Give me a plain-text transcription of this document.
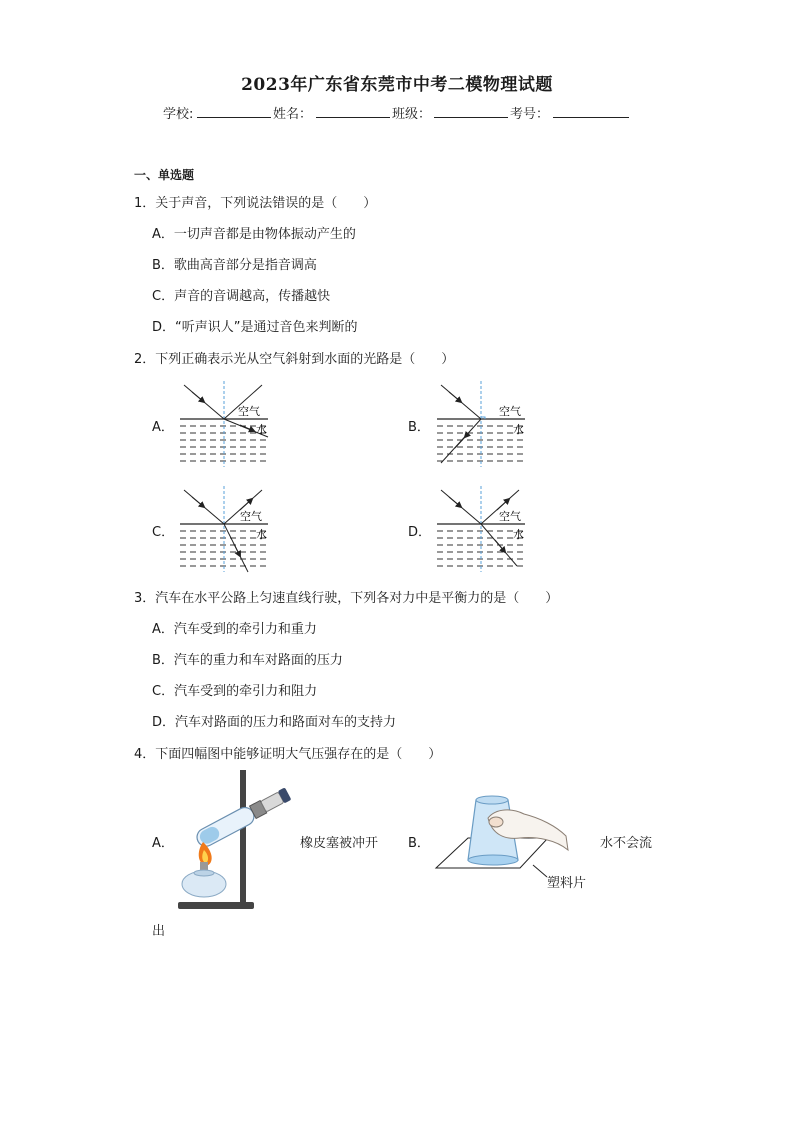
2023年广东省东莞市中考二模物理试题
学校:	姓名：	班级：	考号：
一、单选题
1．关于声音，下列说法错误的是（　　）
A．一切声音都是由物体振动产生的
B．歌曲高音部分是指音调高
C．声音的音调越高，传播越快
D．“听声识人”是通过音色来判断的
2．下列正确表示光从空气斜射到水面的光路是（　　）
A．	B．
C．	D．
空气
水
空气
水
空气
水
空气
水
3．汽车在水平公路上匀速直线行驶，下列各对力中是平衡力的是（　　）
A．汽车受到的牵引力和重力
B．汽车的重力和车对路面的压力
C．汽车受到的牵引力和阻力
D．汽车对路面的压力和路面对车的支持力
4．下面四幅图中能够证明大气压强存在的是（　　）
A．	橡皮塞被冲开 B．	水不会流
塑料片
出
